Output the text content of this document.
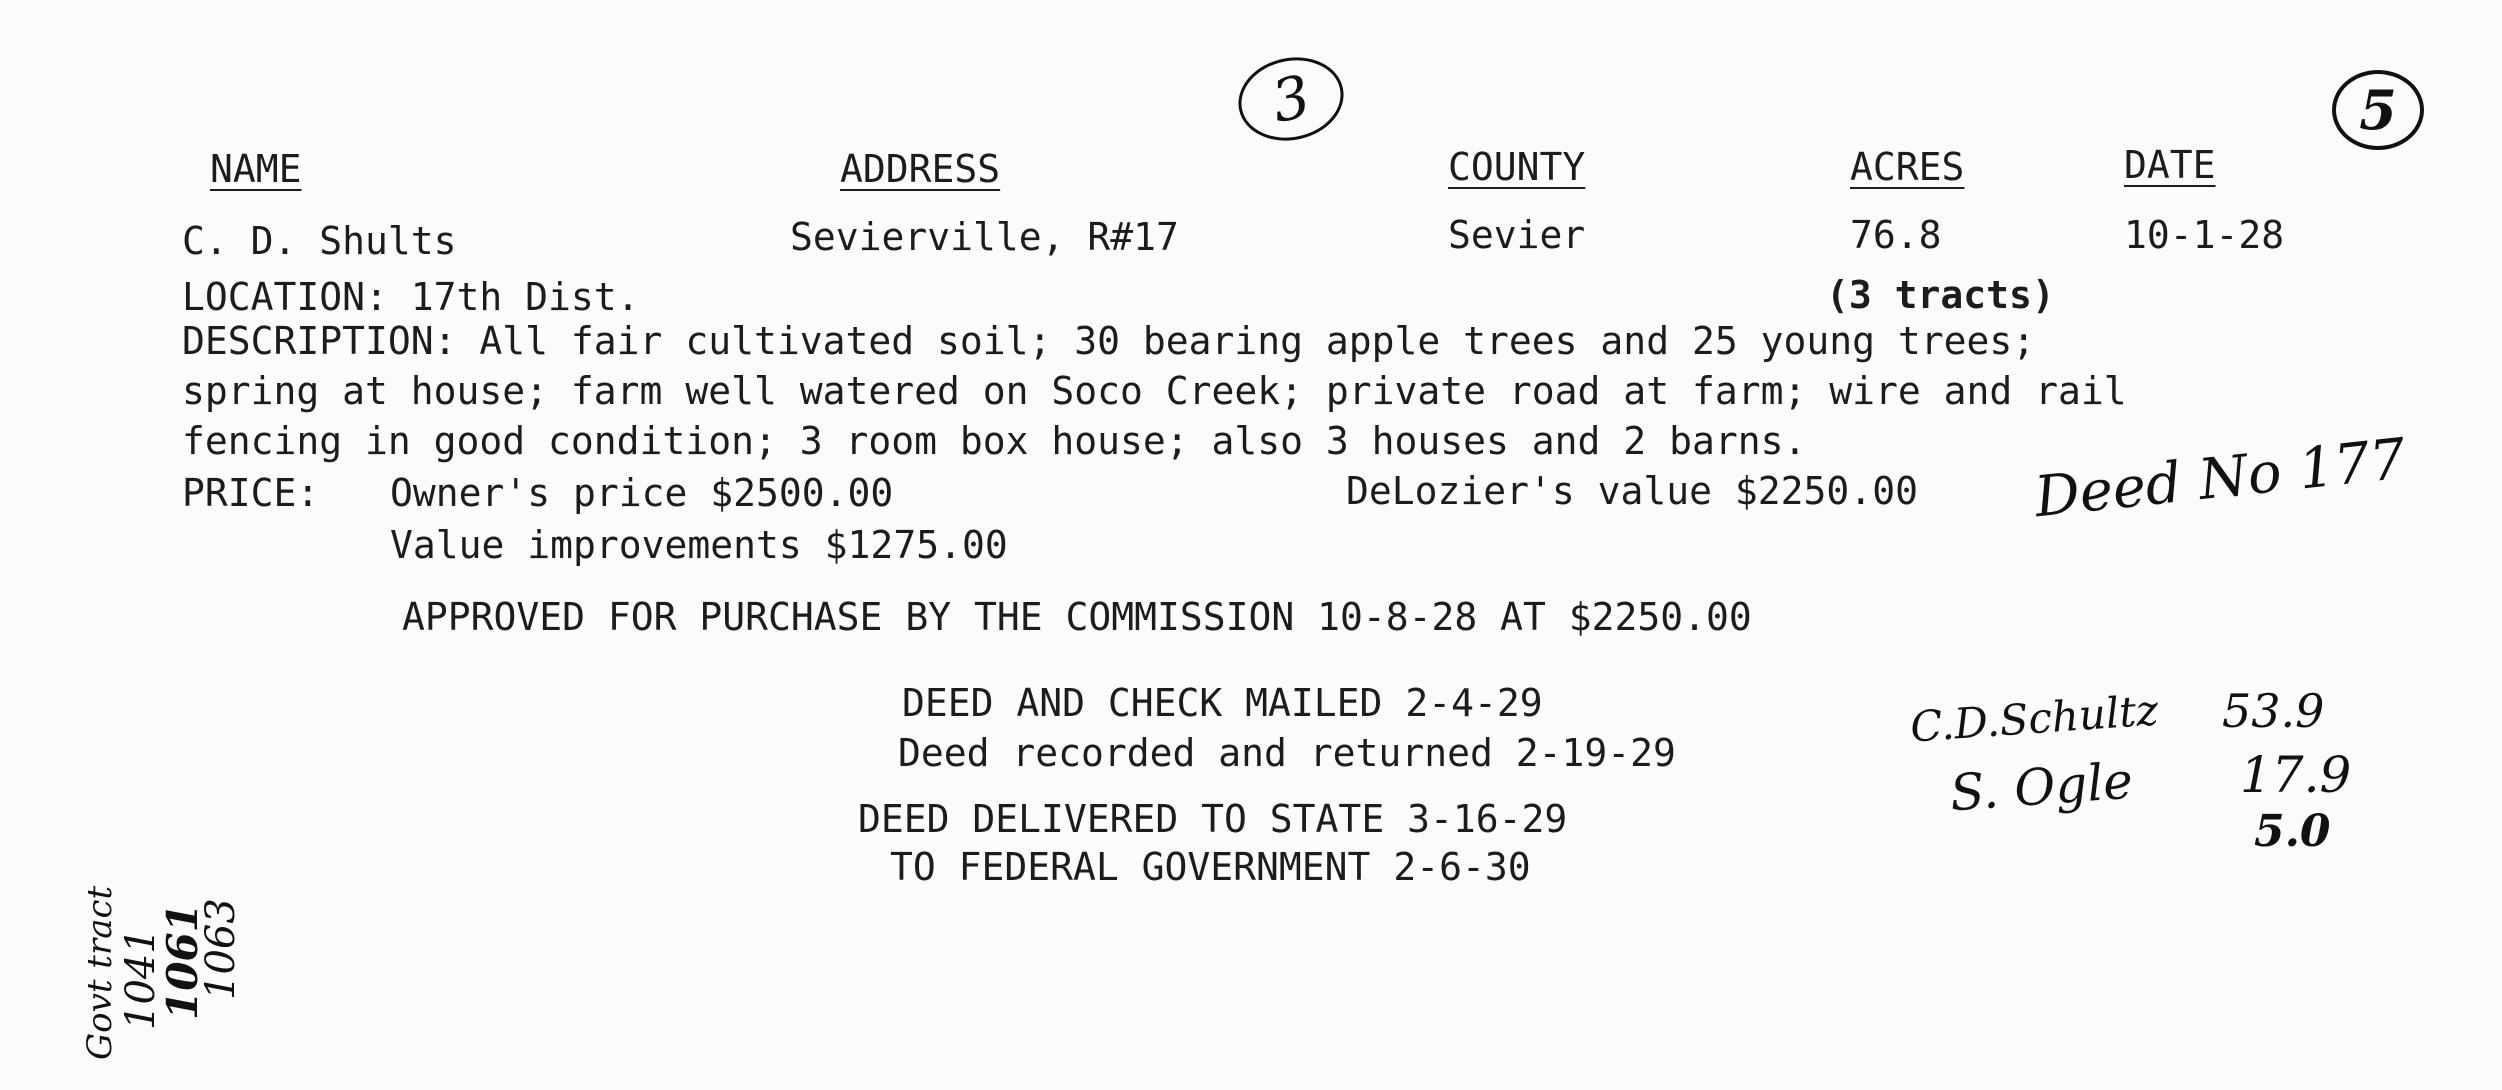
3	5
NAME	ADDRESS	COUNTY	ACRES	DATE
C. D. Shults	Sevierville, R#17	Sevier	76.8	10-1-28
LOCATION: 17th Dist.	(3 tracts)
DESCRIPTION: All fair cultivated soil; 30 bearing apple trees and 25 young trees;
spring at house; farm well watered on Soco Creek; private road at farm; wire and rail
fencing in good condition; 3 room box house; also 3 houses and 2 barns.
PRICE: Owner's price $2500.00	DeLozier's value $2250.00
Value improvements $1275.00
Deed No 177
APPROVED FOR PURCHASE BY THE COMMISSION 10-8-28 AT $2250.00
DEED AND CHECK MAILED 2-4-29
Deed recorded and returned 2-19-29
DEED DELIVERED TO STATE 3-16-29
TO FEDERAL GOVERNMENT 2-6-30
C.D.Schultz 53.9
S. Ogle 17.9
5.0
Govt tract
1041
1061
1063
